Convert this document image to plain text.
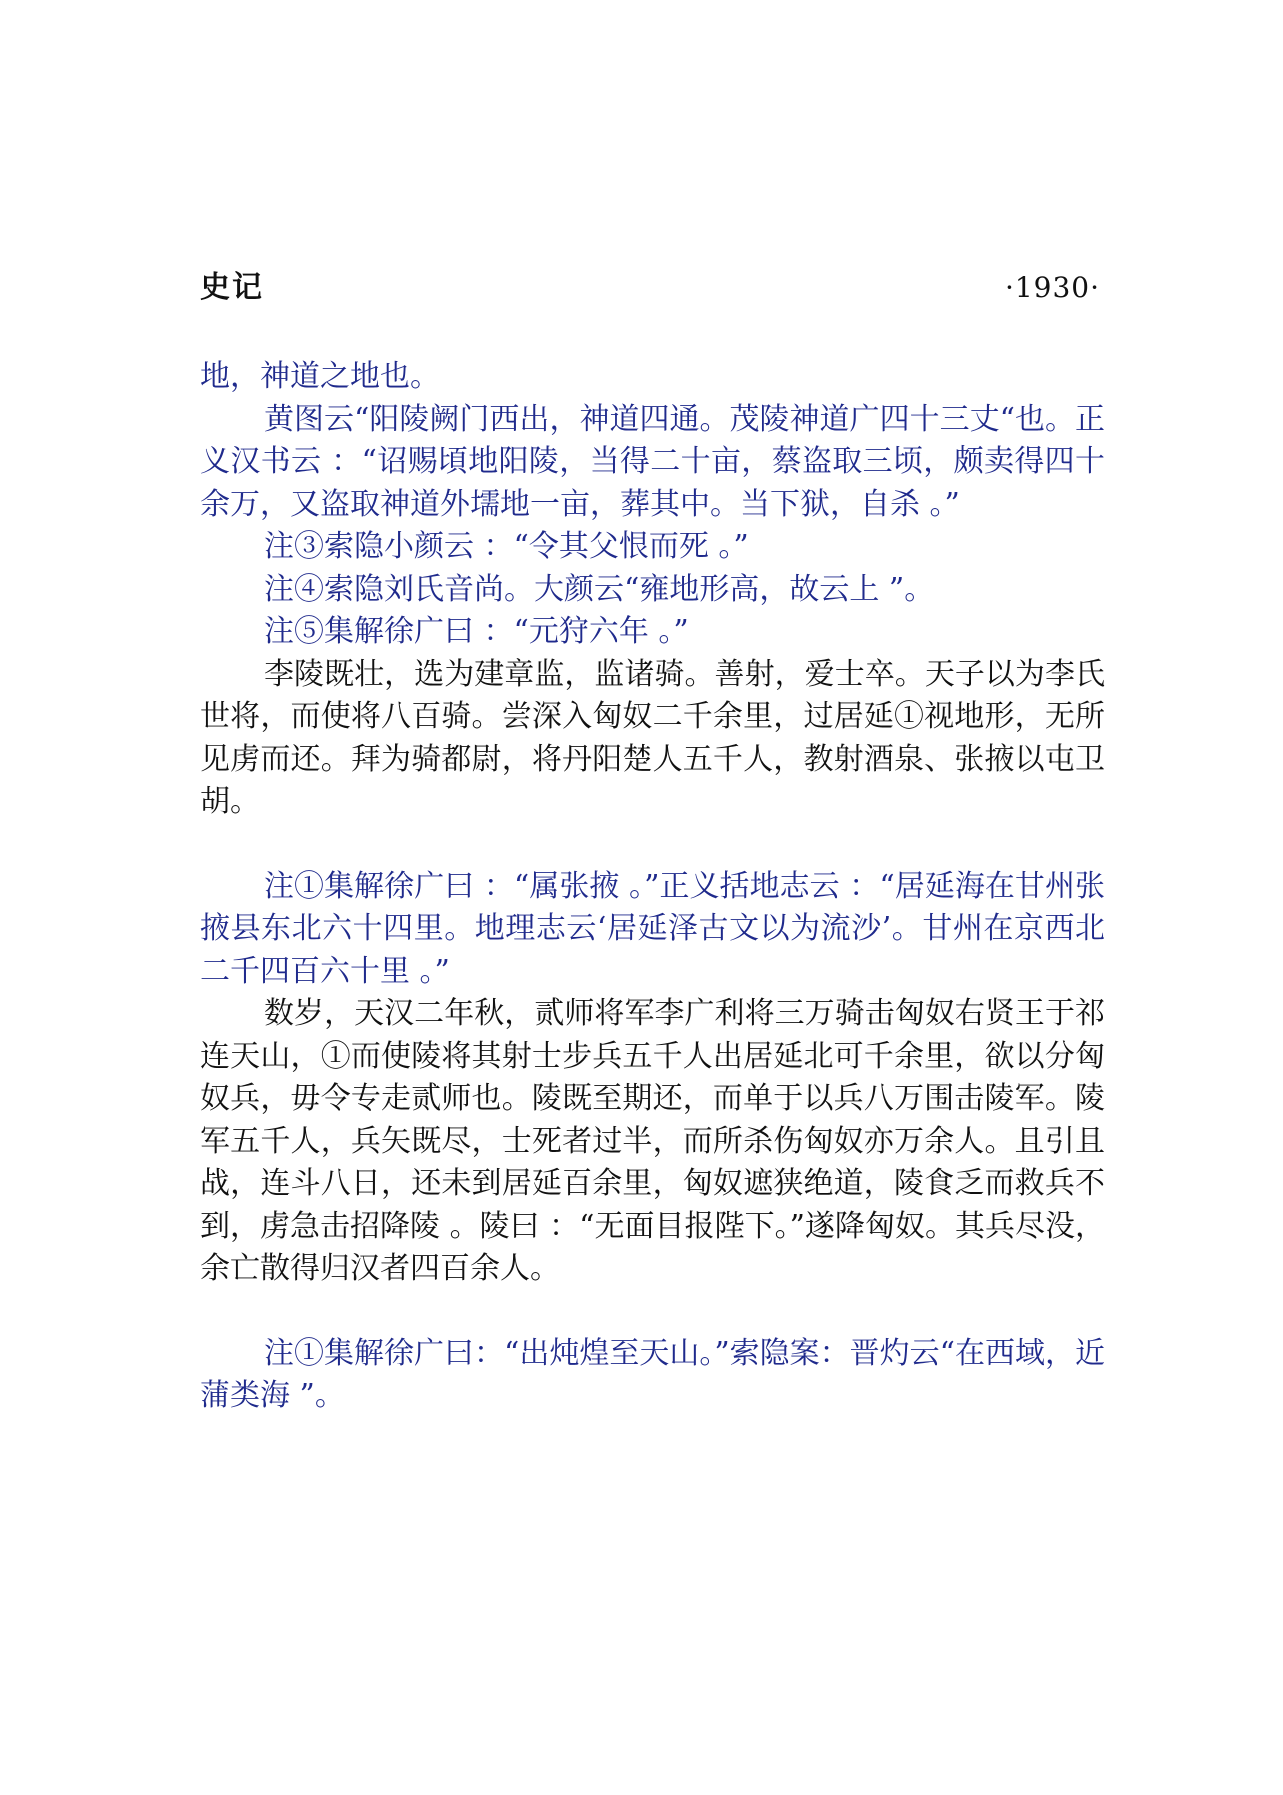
史记	·1930·

地，神道之地也。

黄图云“阳陵阙门西出，神道四通。茂陵神道广四十三丈“也。正义汉书云 ：“诏赐頃地阳陵，当得二十亩，蔡盗取三顷，颇卖得四十余万，又盗取神道外壖地一亩，葬其中。当下狱，自杀 。”

注③索隐小颜云 ：“令其父恨而死 。”

注④索隐刘氏音尚。大颜云“雍地形高，故云上 ”。

注⑤集解徐广曰 ：“元狩六年 。”

李陵既壮，选为建章监，监诸骑。善射，爱士卒。天子以为李氏世将，而使将八百骑。尝深入匈奴二千余里，过居延①视地形，无所见虏而还。拜为骑都尉，将丹阳楚人五千人，教射酒泉、张掖以屯卫胡。

注①集解徐广曰 ：“属张掖 。”正义括地志云 ：“居延海在甘州张掖县东北六十四里。地理志云‘居延泽古文以为流沙’。甘州在京西北二千四百六十里 。”

数岁，天汉二年秋，贰师将军李广利将三万骑击匈奴右贤王于祁连天山，①而使陵将其射士步兵五千人出居延北可千余里，欲以分匈奴兵，毋令专走贰师也。陵既至期还，而单于以兵八万围击陵军。陵军五千人，兵矢既尽，士死者过半，而所杀伤匈奴亦万余人。且引且战，连斗八日，还未到居延百余里，匈奴遮狭绝道，陵食乏而救兵不到，虏急击招降陵 。陵曰 ：“无面目报陛下。”遂降匈奴。其兵尽没，余亡散得归汉者四百余人。

注①集解徐广曰：“出炖煌至天山。”索隐案：晋灼云“在西域，近蒲类海 ”。
